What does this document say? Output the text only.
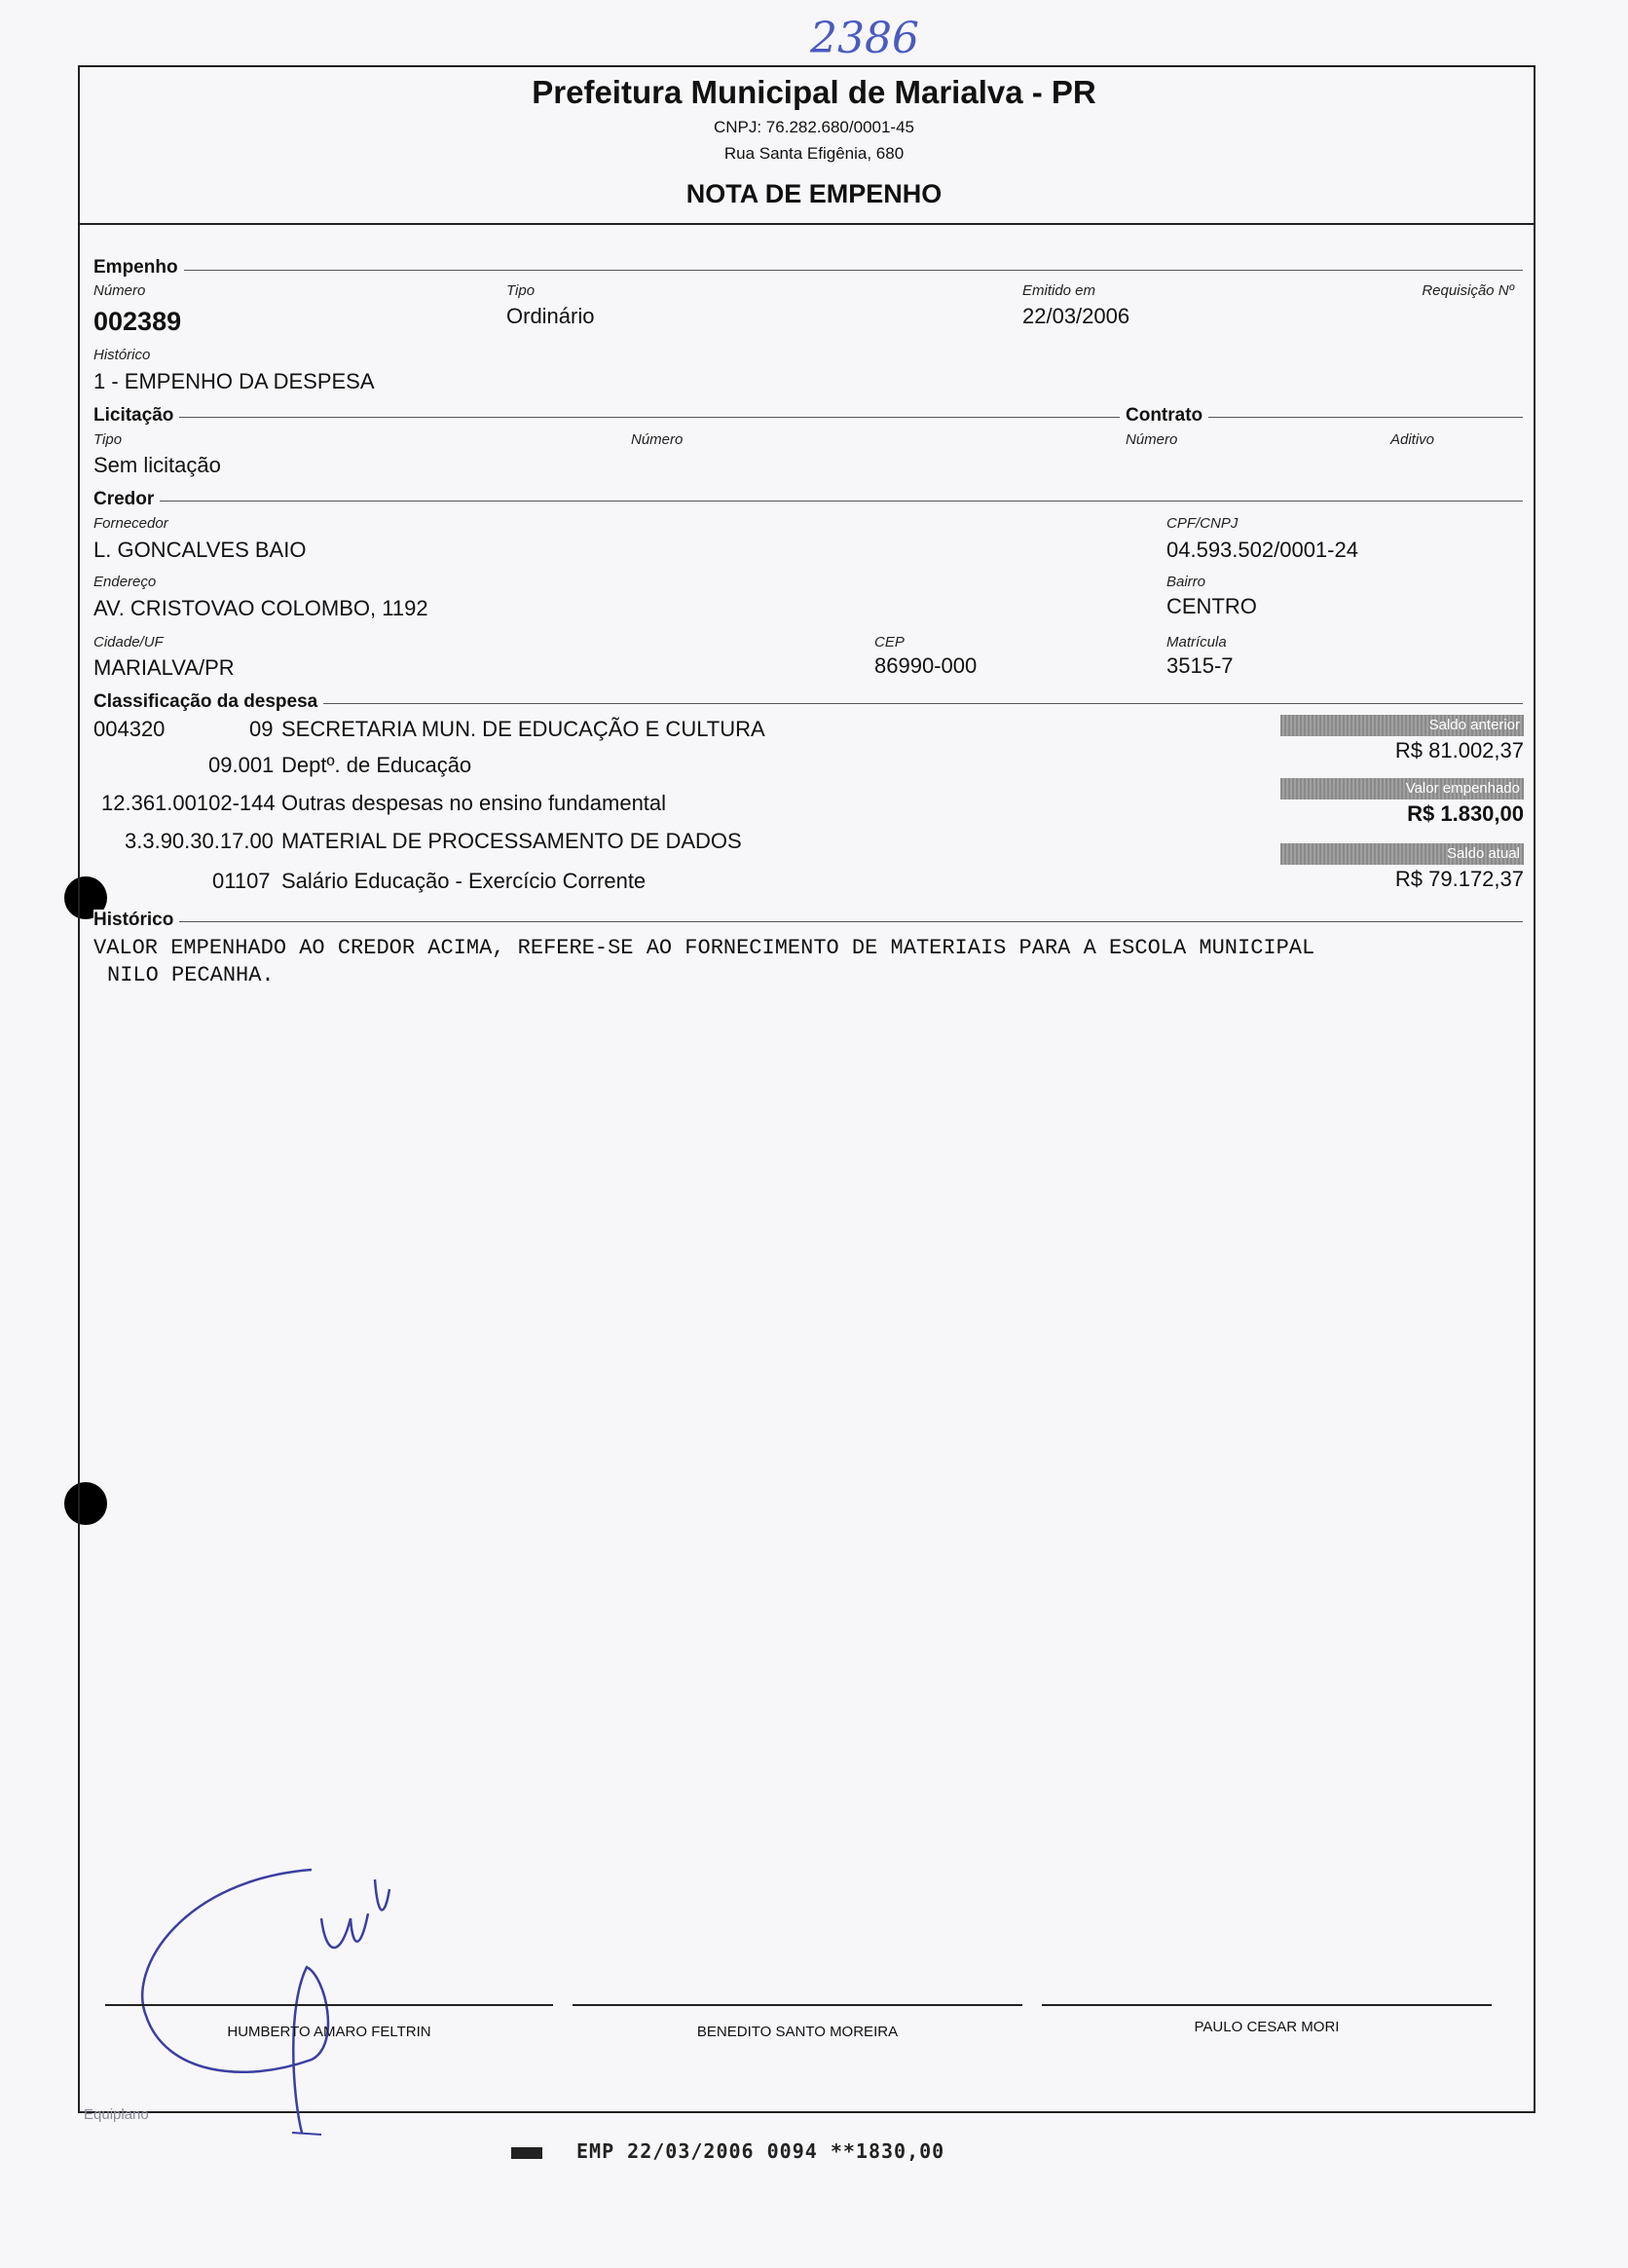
2386
Prefeitura Municipal de Marialva - PR
CNPJ: 76.282.680/0001-45
Rua Santa Efigênia, 680
NOTA DE EMPENHO
Empenho
Número
002389
Tipo
Ordinário
Emitido em
22/03/2006
Requisição Nº
Histórico
1 - EMPENHO DA DESPESA
Licitação	Contrato
Tipo
Sem licitação
Número	Número	Aditivo
Credor
Fornecedor
L. GONCALVES BAIO
CPF/CNPJ
04.593.502/0001-24
Endereço
AV. CRISTOVAO COLOMBO, 1192
Bairro
CENTRO
Cidade/UF
MARIALVA/PR
CEP
86990-000
Matrícula
3515-7
Classificação da despesa
004320	09 SECRETARIA MUN. DE EDUCAÇÃO E CULTURA
09.001 Deptº. de Educação
12.361.00102-144 Outras despesas no ensino fundamental
3.3.90.30.17.00 MATERIAL DE PROCESSAMENTO DE DADOS
01107 Salário Educação - Exercício Corrente
Saldo anterior
R$ 81.002,37
Valor empenhado
R$ 1.830,00
Saldo atual
R$ 79.172,37
Histórico
VALOR EMPENHADO AO CREDOR ACIMA, REFERE-SE AO FORNECIMENTO DE MATERIAIS PARA A ESCOLA MUNICIPAL
NILO PECANHA.
HUMBERTO AMARO FELTRIN	BENEDITO SANTO MOREIRA	PAULO CESAR MORI
Equiplano
EMP 22/03/2006 0094 **1830,00
